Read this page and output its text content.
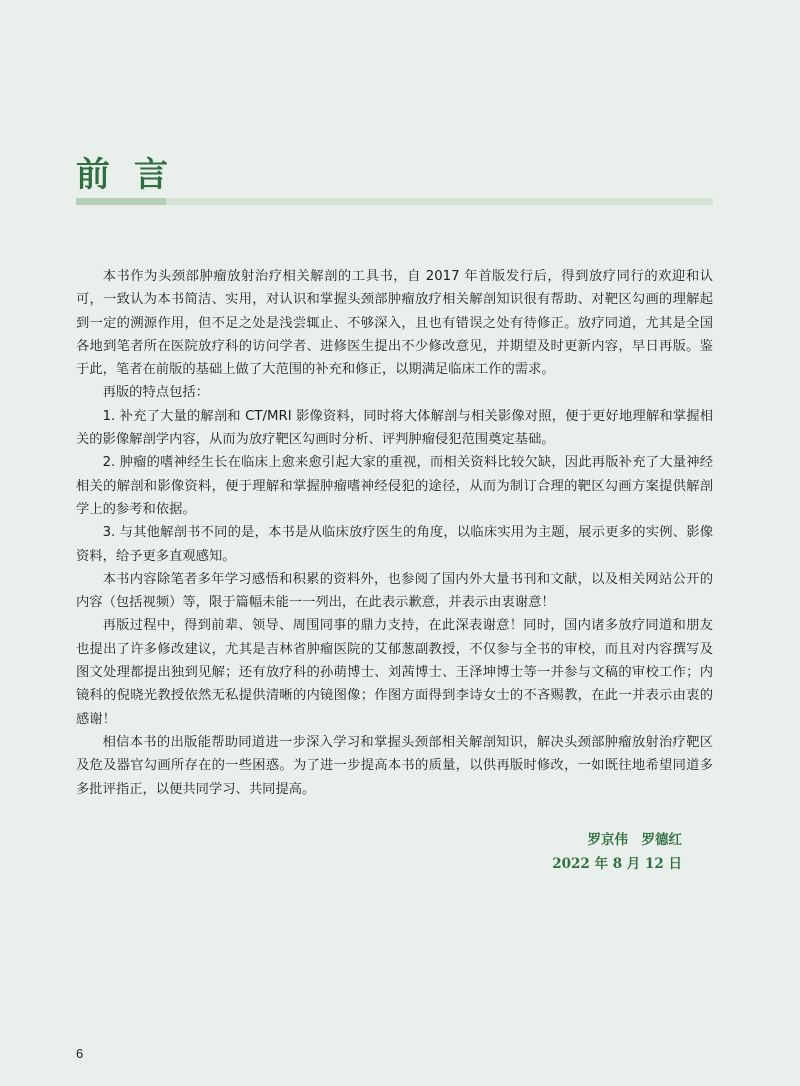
前言

本书作为头颈部肿瘤放射治疗相关解剖的工具书，自 2017 年首版发行后，得到放疗同行的欢迎和认可，一致认为本书简洁、实用，对认识和掌握头颈部肿瘤放疗相关解剖知识很有帮助、对靶区勾画的理解起到一定的溯源作用，但不足之处是浅尝辄止、不够深入，且也有错误之处有待修正。放疗同道，尤其是全国各地到笔者所在医院放疗科的访问学者、进修医生提出不少修改意见，并期望及时更新内容，早日再版。鉴于此，笔者在前版的基础上做了大范围的补充和修正，以期满足临床工作的需求。

再版的特点包括：

1. 补充了大量的解剖和 CT/MRI 影像资料，同时将大体解剖与相关影像对照，便于更好地理解和掌握相关的影像解剖学内容，从而为放疗靶区勾画时分析、评判肿瘤侵犯范围奠定基础。

2. 肿瘤的嗜神经生长在临床上愈来愈引起大家的重视，而相关资料比较欠缺，因此再版补充了大量神经相关的解剖和影像资料，便于理解和掌握肿瘤嗜神经侵犯的途径，从而为制订合理的靶区勾画方案提供解剖学上的参考和依据。

3. 与其他解剖书不同的是，本书是从临床放疗医生的角度，以临床实用为主题，展示更多的实例、影像资料，给予更多直观感知。

本书内容除笔者多年学习感悟和积累的资料外，也参阅了国内外大量书刊和文献，以及相关网站公开的内容（包括视频）等，限于篇幅未能一一列出，在此表示歉意，并表示由衷谢意！

再版过程中，得到前辈、领导、周围同事的鼎力支持，在此深表谢意！同时，国内诸多放疗同道和朋友也提出了许多修改建议，尤其是吉林省肿瘤医院的艾郁葱副教授，不仅参与全书的审校，而且对内容撰写及图文处理都提出独到见解；还有放疗科的孙萌博士、刘茜博士、王泽坤博士等一并参与文稿的审校工作；内镜科的倪晓光教授依然无私提供清晰的内镜图像；作图方面得到李诗女士的不吝赐教，在此一并表示由衷的感谢！

相信本书的出版能帮助同道进一步深入学习和掌握头颈部相关解剖知识，解决头颈部肿瘤放射治疗靶区及危及器官勾画所存在的一些困惑。为了进一步提高本书的质量，以供再版时修改，一如既往地希望同道多多批评指正，以便共同学习、共同提高。

罗京伟　罗德红
2022 年 8 月 12 日
6
